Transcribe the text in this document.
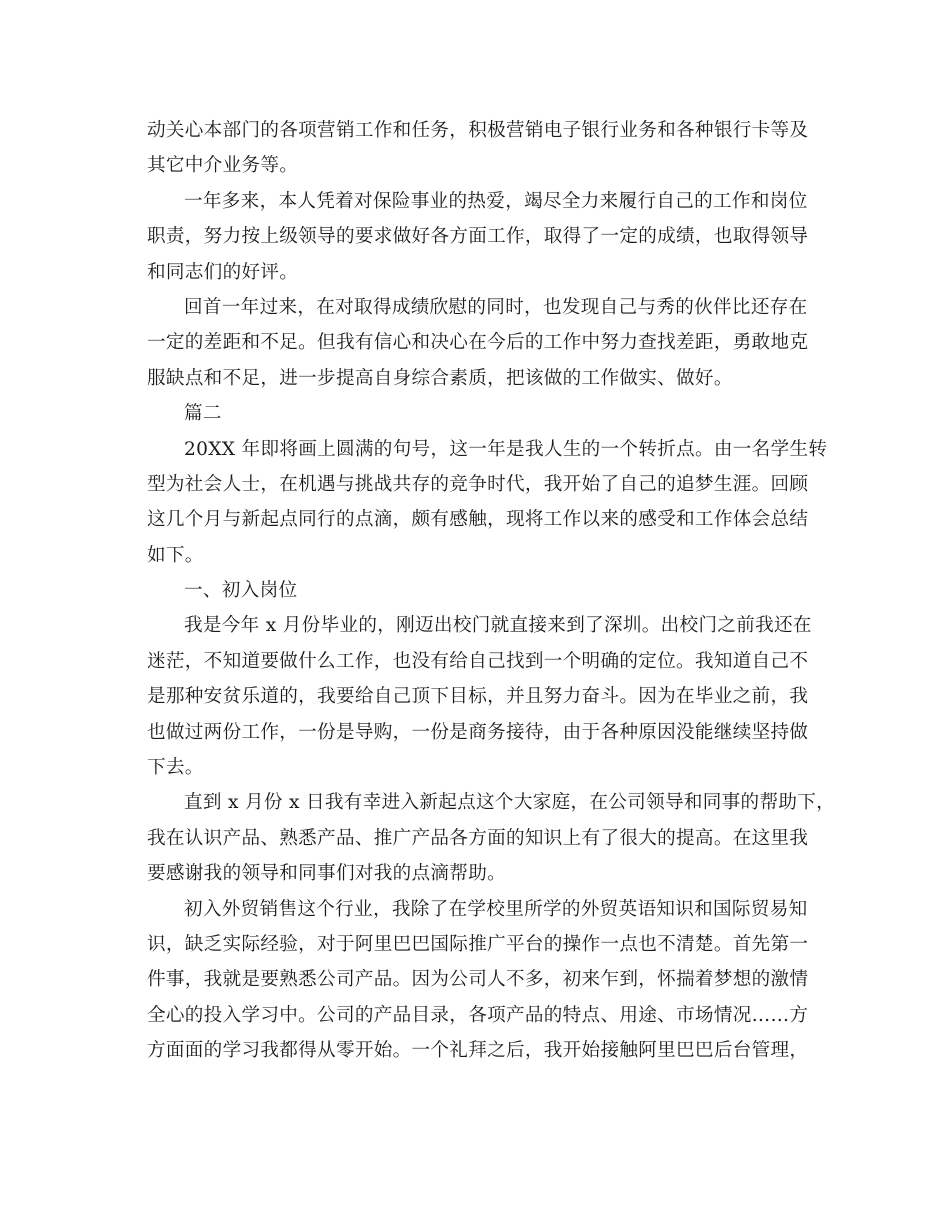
动关心本部门的各项营销工作和任务，积极营销电子银行业务和各种银行卡等及
其它中介业务等。
一年多来，本人凭着对保险事业的热爱，竭尽全力来履行自己的工作和岗位
职责，努力按上级领导的要求做好各方面工作，取得了一定的成绩，也取得领导
和同志们的好评。
回首一年过来，在对取得成绩欣慰的同时，也发现自己与秀的伙伴比还存在
一定的差距和不足。但我有信心和决心在今后的工作中努力查找差距，勇敢地克
服缺点和不足，进一步提高自身综合素质，把该做的工作做实、做好。
篇二
20XX 年即将画上圆满的句号，这一年是我人生的一个转折点。由一名学生转
型为社会人士，在机遇与挑战共存的竞争时代，我开始了自己的追梦生涯。回顾
这几个月与新起点同行的点滴，颇有感触，现将工作以来的感受和工作体会总结
如下。
一、初入岗位
我是今年 x 月份毕业的，刚迈出校门就直接来到了深圳。出校门之前我还在
迷茫，不知道要做什么工作，也没有给自己找到一个明确的定位。我知道自己不
是那种安贫乐道的，我要给自己顶下目标，并且努力奋斗。因为在毕业之前，我
也做过两份工作，一份是导购，一份是商务接待，由于各种原因没能继续坚持做
下去。
直到 x 月份 x 日我有幸进入新起点这个大家庭，在公司领导和同事的帮助下，
我在认识产品、熟悉产品、推广产品各方面的知识上有了很大的提高。在这里我
要感谢我的领导和同事们对我的点滴帮助。
初入外贸销售这个行业，我除了在学校里所学的外贸英语知识和国际贸易知
识，缺乏实际经验，对于阿里巴巴国际推广平台的操作一点也不清楚。首先第一
件事，我就是要熟悉公司产品。因为公司人不多，初来乍到，怀揣着梦想的激情
全心的投入学习中。公司的产品目录，各项产品的特点、用途、市场情况……方
方面面的学习我都得从零开始。一个礼拜之后，我开始接触阿里巴巴后台管理，
